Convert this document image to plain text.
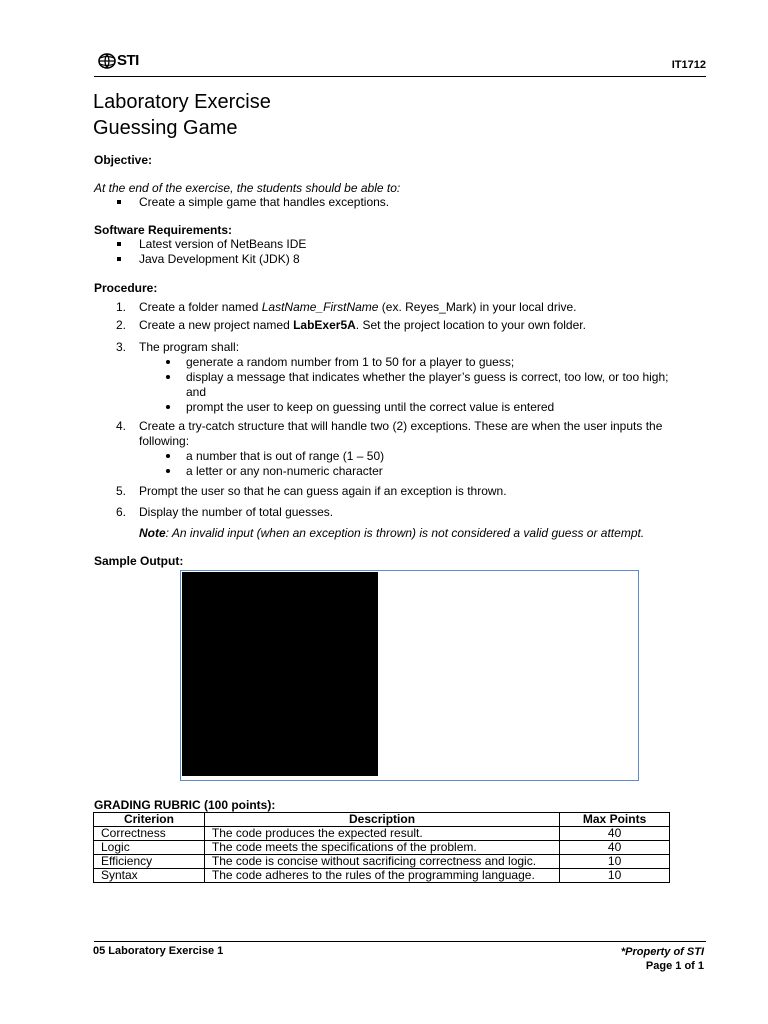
STI	IT1712
Laboratory Exercise
Guessing Game
Objective:
At the end of the exercise, the students should be able to:
Create a simple game that handles exceptions.
Software Requirements:
Latest version of NetBeans IDE
Java Development Kit (JDK) 8
Procedure:
1. Create a folder named LastName_FirstName (ex. Reyes_Mark) in your local drive.
2. Create a new project named LabExer5A. Set the project location to your own folder.
3. The program shall:
generate a random number from 1 to 50 for a player to guess;
display a message that indicates whether the player’s guess is correct, too low, or too high; and
prompt the user to keep on guessing until the correct value is entered
4. Create a try-catch structure that will handle two (2) exceptions. These are when the user inputs the following:
a number that is out of range (1 – 50)
a letter or any non-numeric character
5. Prompt the user so that he can guess again if an exception is thrown.
6. Display the number of total guesses.
Note: An invalid input (when an exception is thrown) is not considered a valid guess or attempt.
Sample Output:
GRADING RUBRIC (100 points):
Criterion	Description	Max Points
Correctness	The code produces the expected result.	40
Logic	The code meets the specifications of the problem.	40
Efficiency	The code is concise without sacrificing correctness and logic.	10
Syntax	The code adheres to the rules of the programming language.	10
05 Laboratory Exercise 1	*Property of STI
Page 1 of 1
